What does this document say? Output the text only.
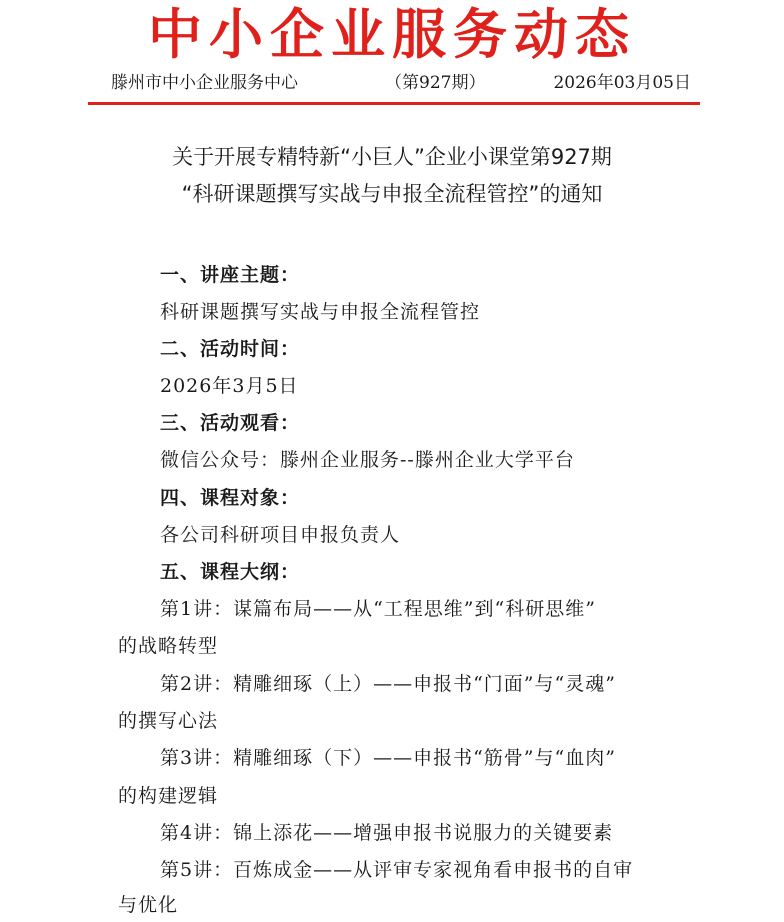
中小企业服务动态
滕州市中小企业服务中心	（第927期）	2026年03月05日
关于开展专精特新“小巨人”企业小课堂第927期
“科研课题撰写实战与申报全流程管控”的通知
一、讲座主题：
科研课题撰写实战与申报全流程管控
二、活动时间：
2026年3月5日
三、活动观看：
微信公众号：滕州企业服务--滕州企业大学平台
四、课程对象：
各公司科研项目申报负责人
五、课程大纲：
第1讲：谋篇布局——从“工程思维”到“科研思维”
的战略转型
第2讲：精雕细琢（上）——申报书“门面”与“灵魂”
的撰写心法
第3讲：精雕细琢（下）——申报书“筋骨”与“血肉”
的构建逻辑
第4讲：锦上添花——增强申报书说服力的关键要素
第5讲：百炼成金——从评审专家视角看申报书的自审
与优化
